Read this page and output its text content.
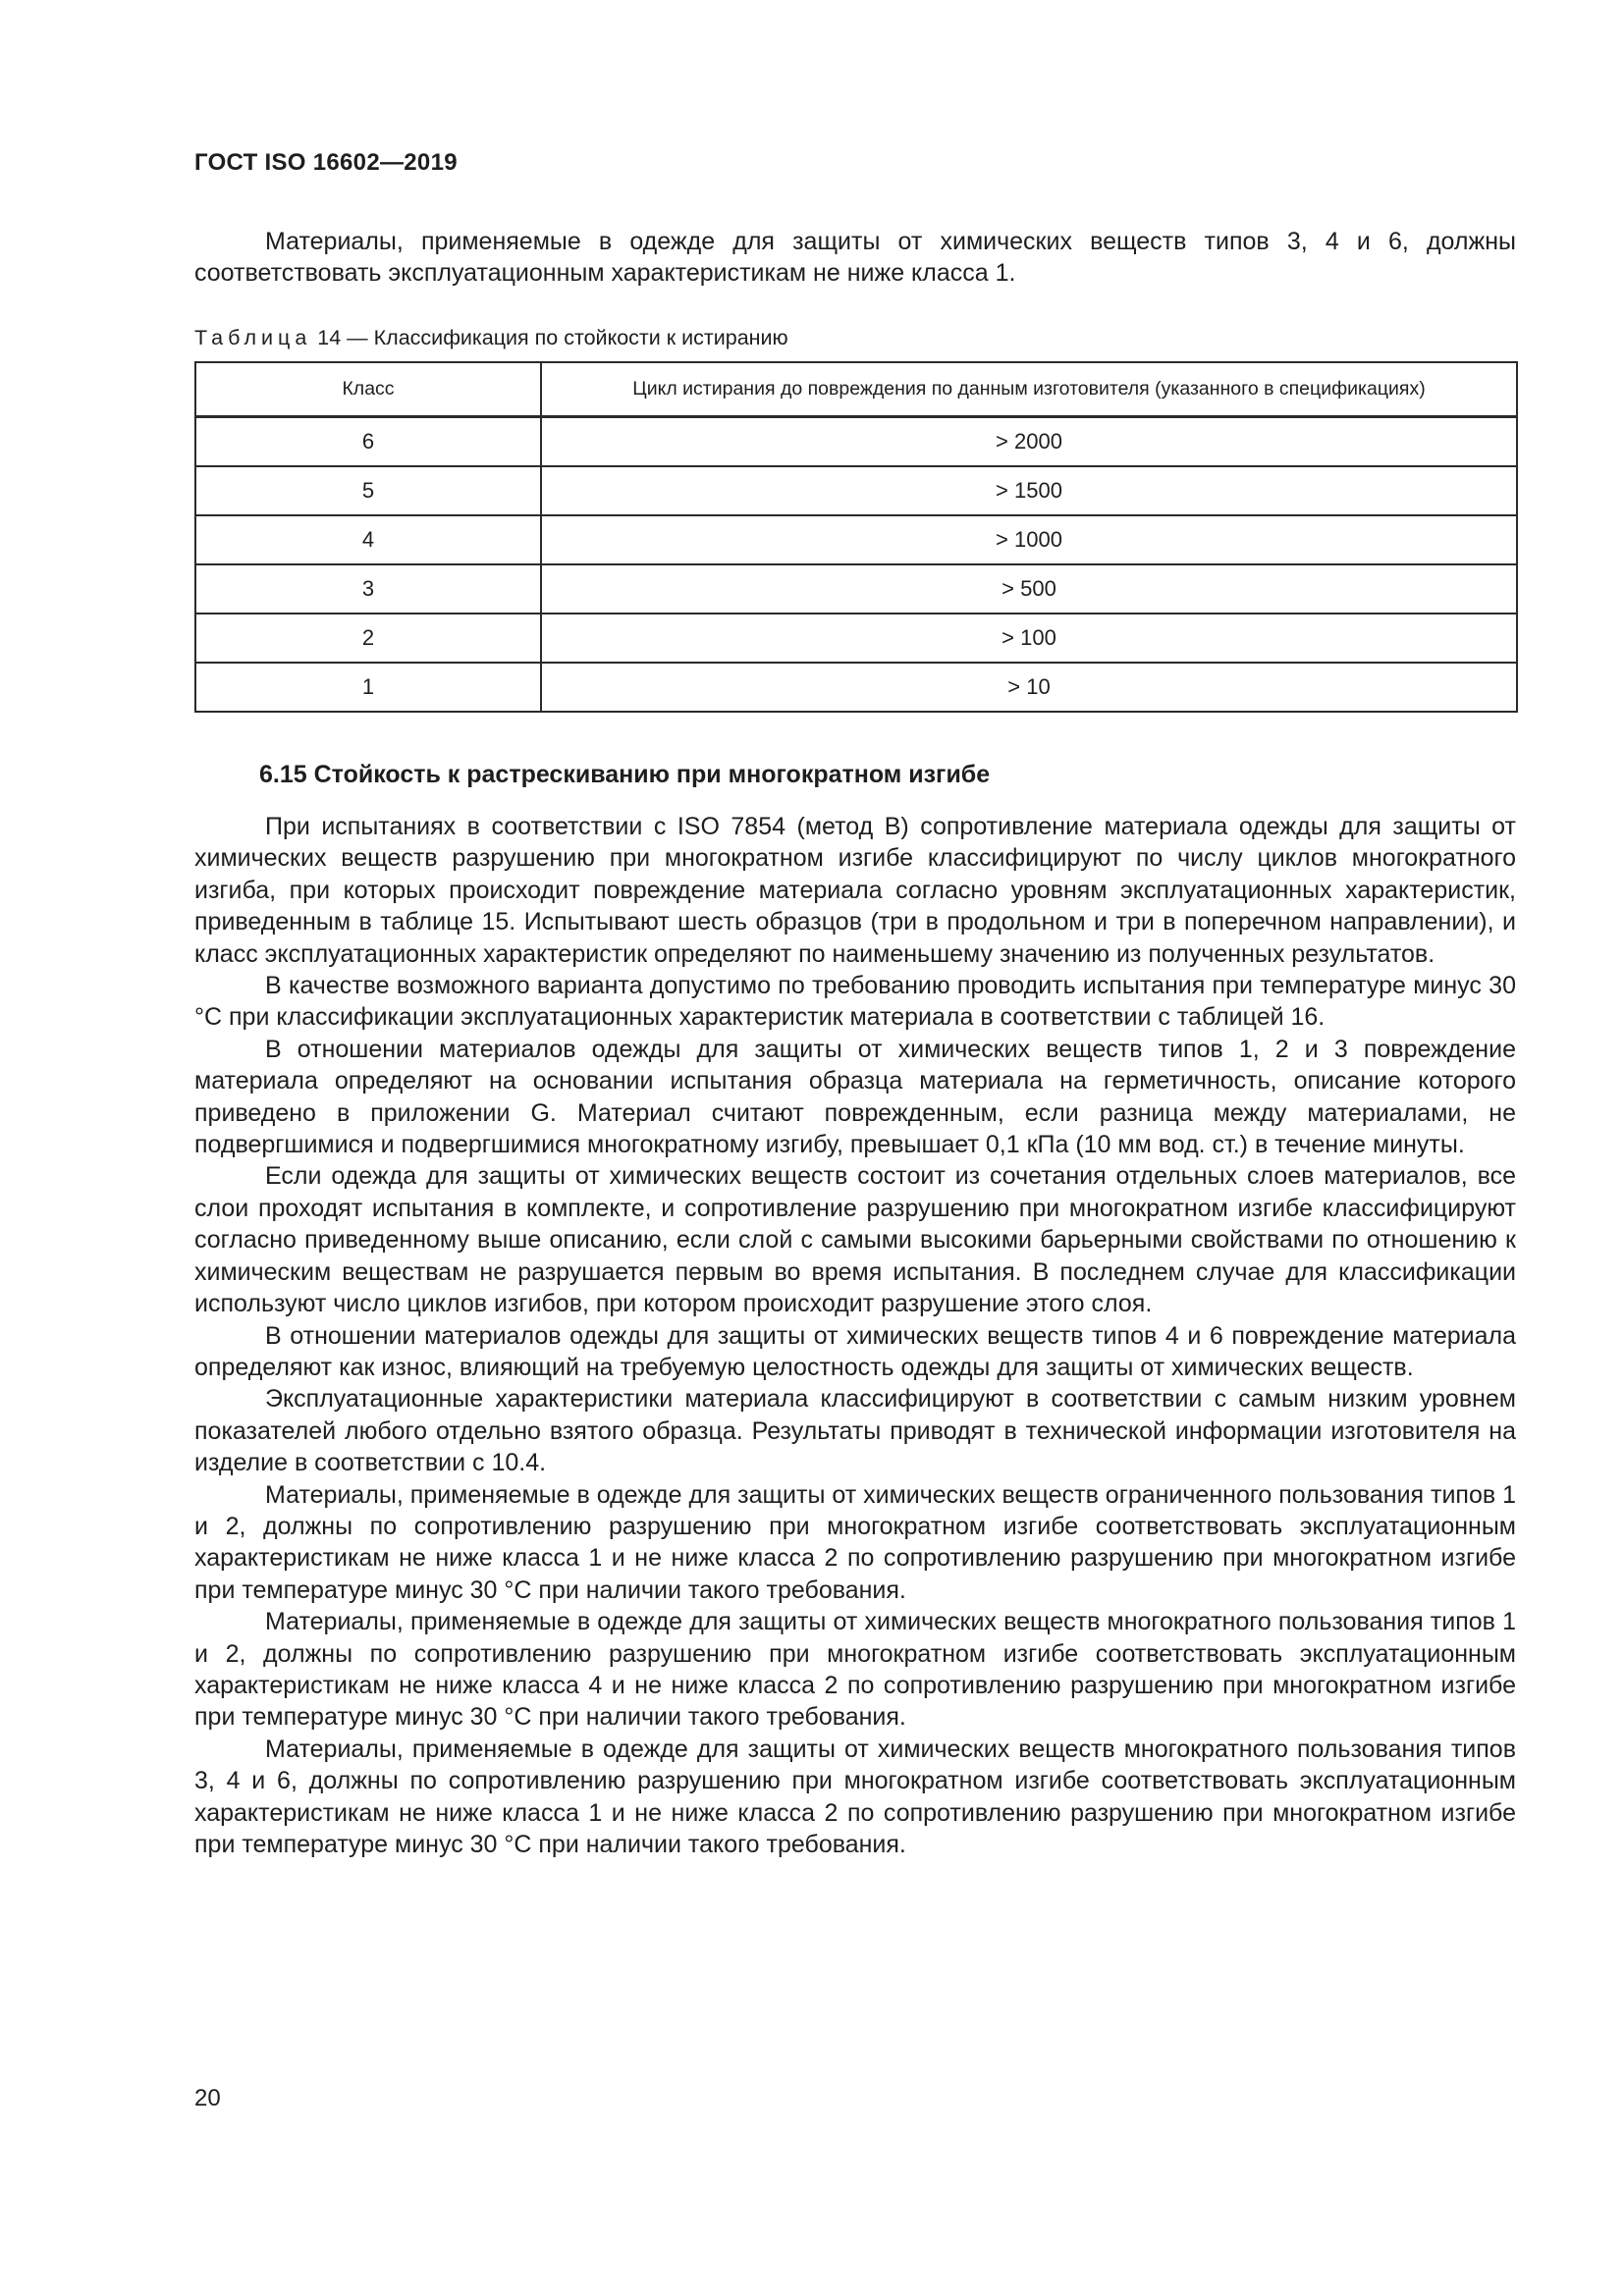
ГОСТ ISO 16602—2019

Материалы, применяемые в одежде для защиты от химических веществ типов 3, 4 и 6, должны соответствовать эксплуатационным характеристикам не ниже класса 1.

Таблица 14 — Классификация по стойкости к истиранию
Класс	Цикл истирания до повреждения по данным изготовителя (указанного в спецификациях)
6	> 2000
5	> 1500
4	> 1000
3	> 500
2	> 100
1	> 10
6.15 Стойкость к растрескиванию при многократном изгибе

При испытаниях в соответствии с ISO 7854 (метод В) сопротивление материала одежды для защиты от химических веществ разрушению при многократном изгибе классифицируют по числу циклов многократного изгиба, при которых происходит повреждение материала согласно уровням эксплуатационных характеристик, приведенным в таблице 15. Испытывают шесть образцов (три в продольном и три в поперечном направлении), и класс эксплуатационных характеристик определяют по наименьшему значению из полученных результатов.

В качестве возможного варианта допустимо по требованию проводить испытания при температуре минус 30 °С при классификации эксплуатационных характеристик материала в соответствии с таблицей 16.

В отношении материалов одежды для защиты от химических веществ типов 1, 2 и 3 повреждение материала определяют на основании испытания образца материала на герметичность, описание которого приведено в приложении G. Материал считают поврежденным, если разница между материалами, не подвергшимися и подвергшимися многократному изгибу, превышает 0,1 кПа (10 мм вод. ст.) в течение минуты.

Если одежда для защиты от химических веществ состоит из сочетания отдельных слоев материалов, все слои проходят испытания в комплекте, и сопротивление разрушению при многократном изгибе классифицируют согласно приведенному выше описанию, если слой с самыми высокими барьерными свойствами по отношению к химическим веществам не разрушается первым во время испытания. В последнем случае для классификации используют число циклов изгибов, при котором происходит разрушение этого слоя.

В отношении материалов одежды для защиты от химических веществ типов 4 и 6 повреждение материала определяют как износ, влияющий на требуемую целостность одежды для защиты от химических веществ.

Эксплуатационные характеристики материала классифицируют в соответствии с самым низким уровнем показателей любого отдельно взятого образца. Результаты приводят в технической информации изготовителя на изделие в соответствии с 10.4.

Материалы, применяемые в одежде для защиты от химических веществ ограниченного пользования типов 1 и 2, должны по сопротивлению разрушению при многократном изгибе соответствовать эксплуатационным характеристикам не ниже класса 1 и не ниже класса 2 по сопротивлению разрушению при многократном изгибе при температуре минус 30 °С при наличии такого требования.

Материалы, применяемые в одежде для защиты от химических веществ многократного пользования типов 1 и 2, должны по сопротивлению разрушению при многократном изгибе соответствовать эксплуатационным характеристикам не ниже класса 4 и не ниже класса 2 по сопротивлению разрушению при многократном изгибе при температуре минус 30 °С при наличии такого требования.

Материалы, применяемые в одежде для защиты от химических веществ многократного пользования типов 3, 4 и 6, должны по сопротивлению разрушению при многократном изгибе соответствовать эксплуатационным характеристикам не ниже класса 1 и не ниже класса 2 по сопротивлению разрушению при многократном изгибе при температуре минус 30 °С при наличии такого требования.

20
